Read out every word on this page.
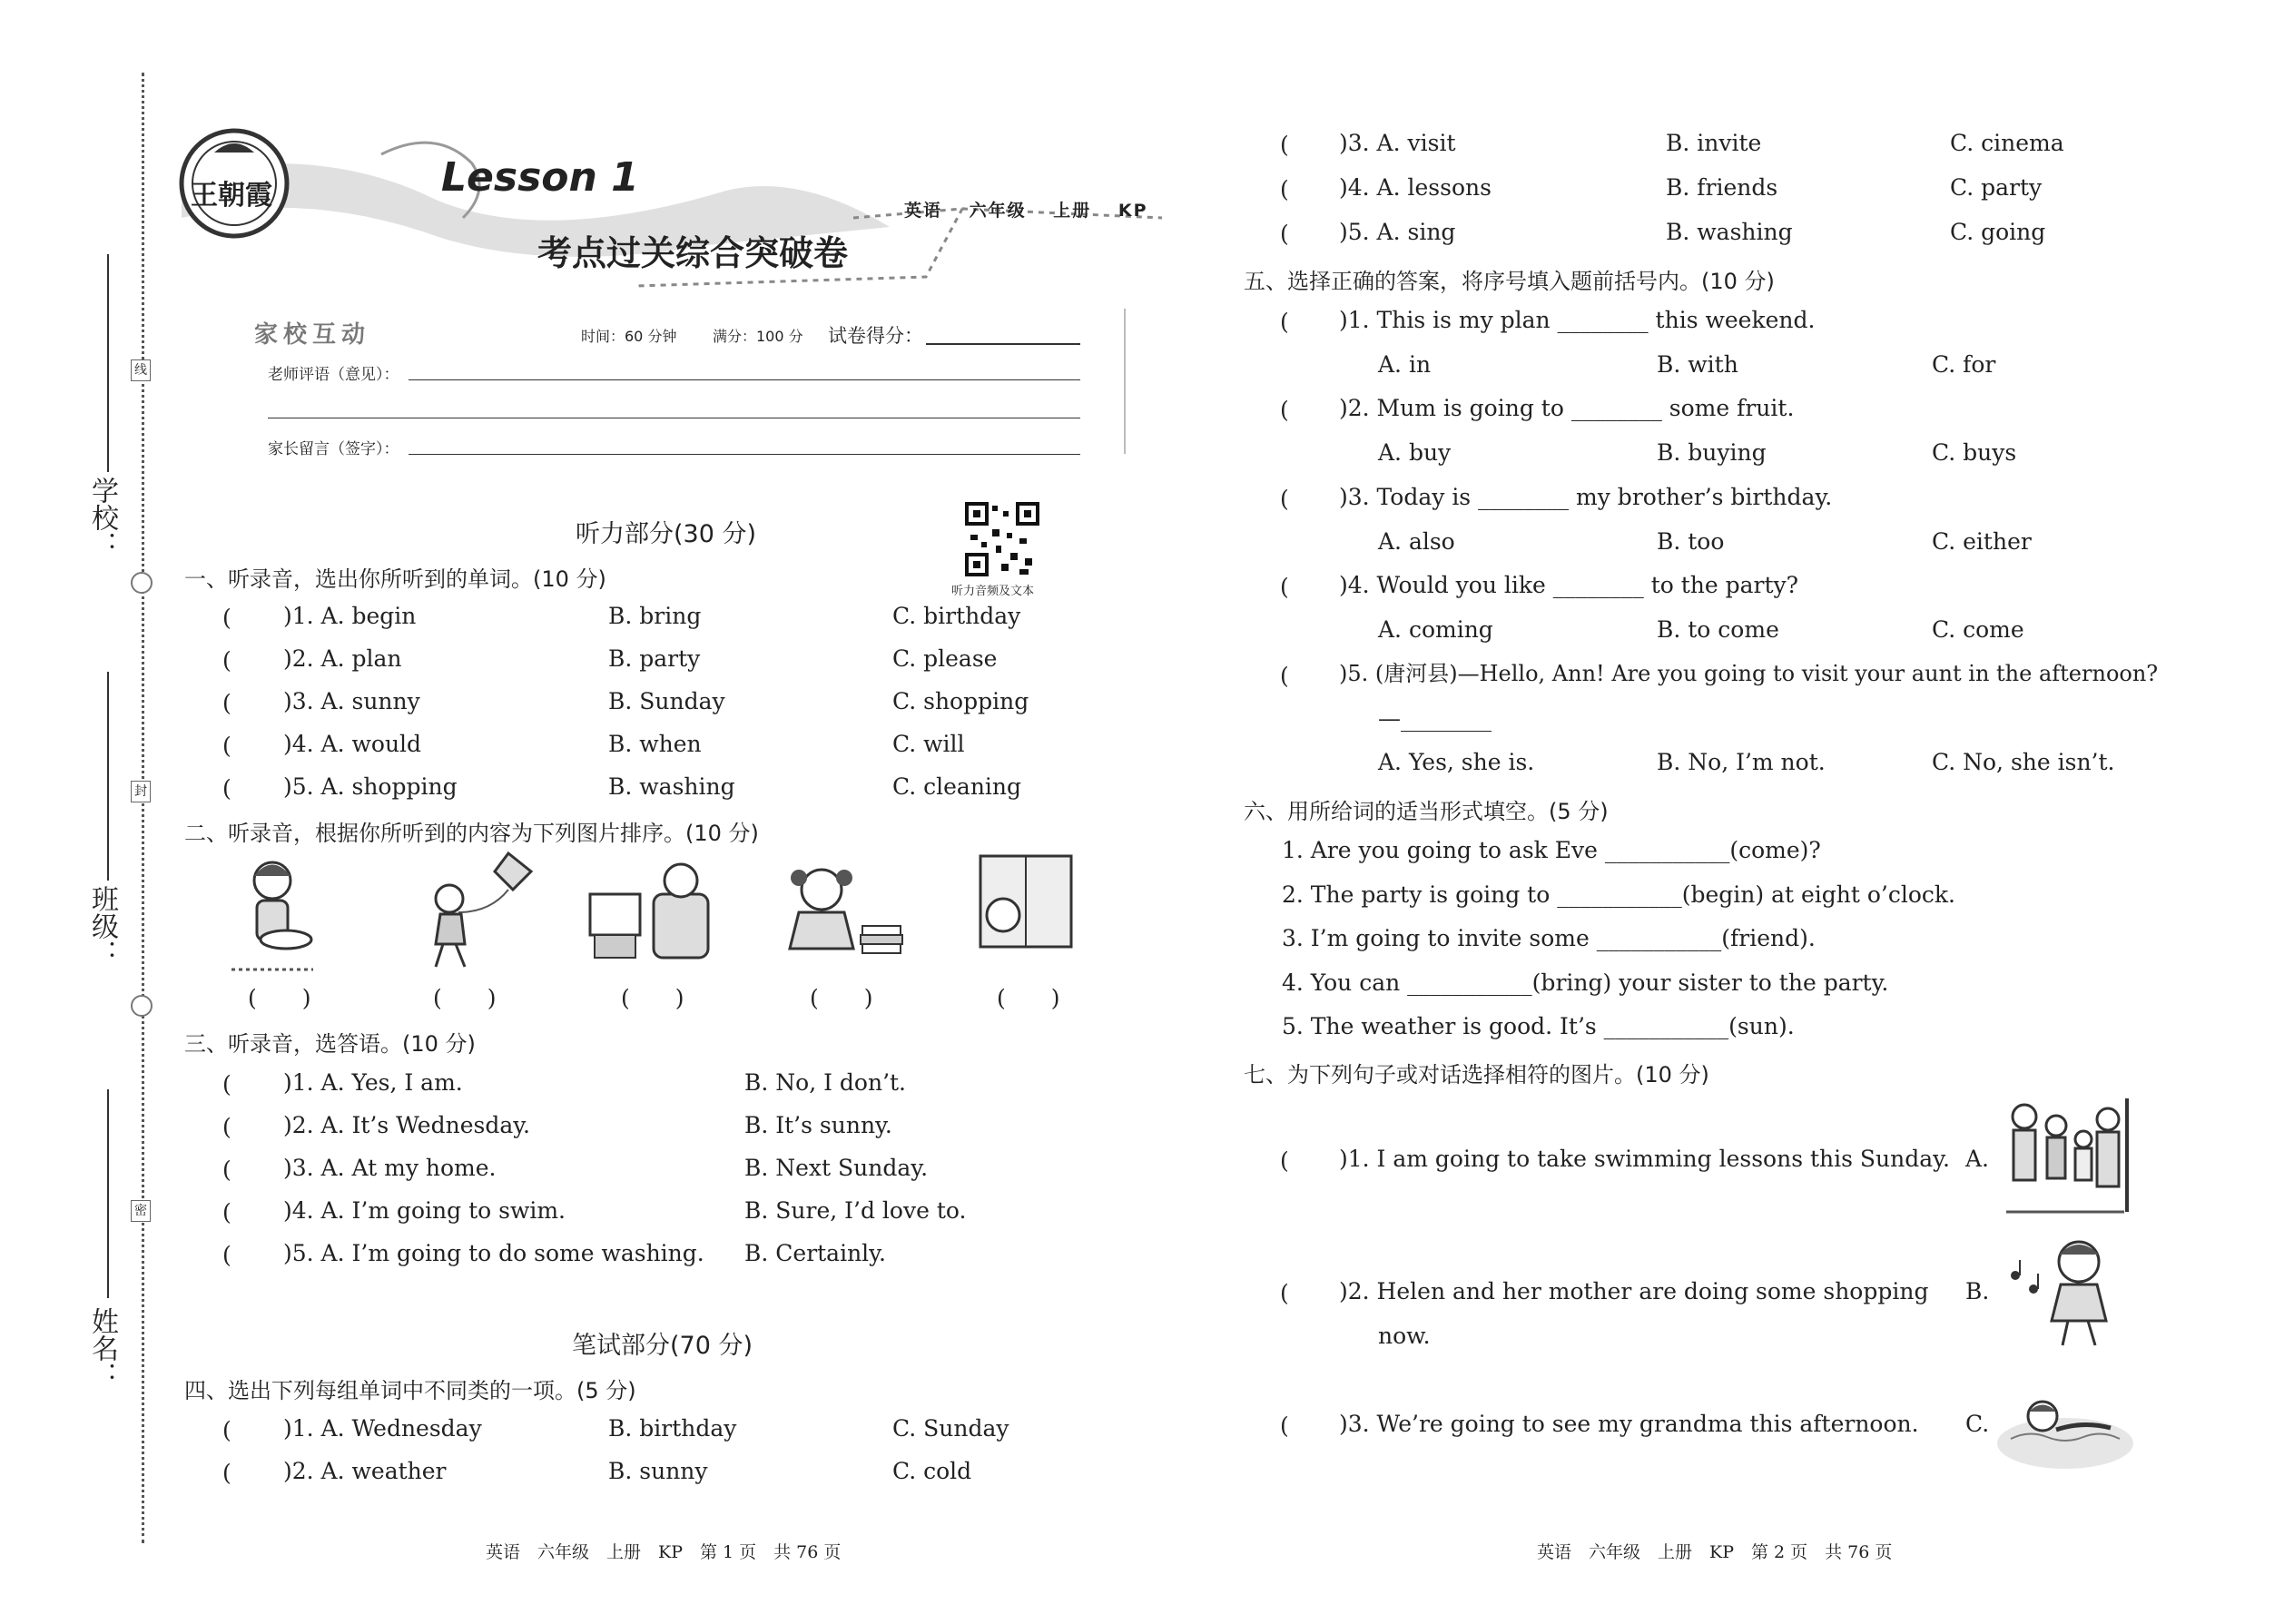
学校：
班级：
姓名：
线
封
密
王朝霞	Lesson 1
考点过关综合突破卷
英语　 六年级　 上册　 KP
家校互动	时间：60 分钟 满分：100 分 试卷得分：
老师评语（意见）：
家长留言（签字）：
听力音频及文本
听力部分(30 分)
一、听录音，选出你所听到的单词。(10 分)
( )1. A. begin	B. bring	C. birthday
( )2. A. plan	B. party	C. please
( )3. A. sunny	B. Sunday	C. shopping
( )4. A. would	B. when	C. will
( )5. A. shopping	B. washing	C. cleaning
二、听录音，根据你所听到的内容为下列图片排序。(10 分)
(　　)	(　　)	(　　)	(　　)	(　　)
三、听录音，选答语。(10 分)
( )1. A. Yes, I am.	B. No, I don’t.
( )2. A. It’s Wednesday.	B. It’s sunny.
( )3. A. At my home.	B. Next Sunday.
( )4. A. I’m going to swim.	B. Sure, I’d love to.
( )5. A. I’m going to do some washing. B. Certainly.
笔试部分(70 分)
四、选出下列每组单词中不同类的一项。(5 分)
( )1. A. Wednesday	B. birthday	C. Sunday
( )2. A. weather	B. sunny	C. cold
英语　六年级　上册　KP　第 1 页　共 76 页
( )3. A. visit	B. invite	C. cinema
( )4. A. lessons	B. friends	C. party
( )5. A. sing	B. washing	C. going
五、选择正确的答案，将序号填入题前括号内。(10 分)
( )1. This is my plan ________ this weekend.
A. in	B. with	C. for
( )2. Mum is going to ________ some fruit.
A. buy	B. buying	C. buys
( )3. Today is ________ my brother’s birthday.
A. also	B. too	C. either
( )4. Would you like ________ to the party?
A. coming	B. to come	C. come
( )5. (唐河县)—Hello, Ann! Are you going to visit your aunt in the afternoon?
—________
A. Yes, she is.	B. No, I’m not.	C. No, she isn’t.
六、用所给词的适当形式填空。(5 分)
1. Are you going to ask Eve ___________(come)?
2. The party is going to ___________(begin) at eight o’clock.
3. I’m going to invite some ___________(friend).
4. You can ___________(bring) your sister to the party.
5. The weather is good. It’s ___________(sun).
七、为下列句子或对话选择相符的图片。(10 分)
( )1. I am going to take swimming lessons this Sunday. A.
( )2. Helen and her mother are doing some shopping
now.
B.
( )3. We’re going to see my grandma this afternoon. C.
英语　六年级　上册　KP　第 2 页　共 76 页
